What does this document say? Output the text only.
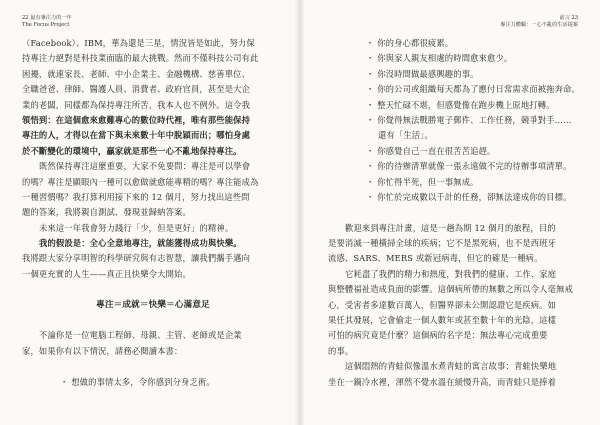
22 最有專注力的一年
The Focus Project
（Facebook）、IBM，華為還是三星，情況皆是如此，努力保
持專注力絕對是科技業面臨的最大挑戰。然而不僅科技公司有此
困擾，就連家長、老師、中小企業主、金融機構、慈善單位、
全職爸爸、律師、醫護人員、消費者、政府官員，甚至是大企
業的老闆，同樣都為保持專注所苦，我本人也不例外。這令我
領悟到：在這個愈來愈難專心的數位時代裡，唯有那些能保持
專注的人，才得以在當下與未來數十年中脫穎而出；哪怕身處
於不斷變化的環境中，贏家就是那些一心不亂地保持專注。
既然保持專注這麼重要，大家不免要問：專注是可以學會
的嗎？專注是顯眼內一種可以愈做就愈能專精的嗎？專注能成為
一種習慣嗎？我打算利用接下來的 12 個月，努力找出這些問
題的答案，我將親自測試、發現並歸納答案。
未來這一年我會努力踐行「少，但是更好」的精神。
我的假設是：全心全意地專注，就能獲得成功與快樂。
我將跟大家分享明智的科學研究與有志智慧，讓我們攜手邁向
一個更充實的人生——真正且快樂令大開始。
專注＝成就＝快樂＝心滿意足
不論你是一位電腦工程師、母親、主管、老師或是企業
家，如果你有以下情況，請務必閱讀本書：
・ 想做的事情太多，令你感到分身乏術。
前言 23
專注力體驗：一心不亂的生活提案
・ 你的身心都很疲累。
・ 你與家人親友相處的時間愈來愈少。
・ 你沒時間做最感興趣的事。
・ 你的公司或組織每天都為了應付日常需求而被拖奔命。
・ 整天忙碌不堪，但感覺像在跑步機上原地打轉。
・ 你覺得無法戰勝電子郵件、工作任務，競爭對手……
還有「生活」。
・ 你感覺自己一直在很苦苦追趕。
・ 你的待辦清單就像一張永遠做不完的待辦事項清單。
・ 你忙得半死，但一事無成。
・ 你忙於完成數以千計的任務，卻無法達成你的目標。
歡迎來到專注計畫，這是一趟為期 12 個月的旅程，目的
是要消滅一種橫掃全球的疾病；它不是黑死病，也不是西班牙
流感、SARS、MERS 或新冠病毒，但它的確是一種病。
它耗盡了我們的精力和熱度，對我們的健康、工作、家庭
與整體福祉造成負面的影響。這個病所帶的無數之所以令人毫無戒
心，受害者多達數百萬人，但醫界卻未公開認證它是疾病。如
果任其發展，它會偷走一個人數年或甚至數十年的光陰，這樣
可怕的病究竟是什麼？這個病的名字是：無法專心完成重要
的事。
這個悶熱的青蛙似像溫水煮青蛙的寓言故事：青蛙快樂地
坐在一鍋冷水裡，渾然不覺水溫在緩慢升高，而青蛙只是捧着
